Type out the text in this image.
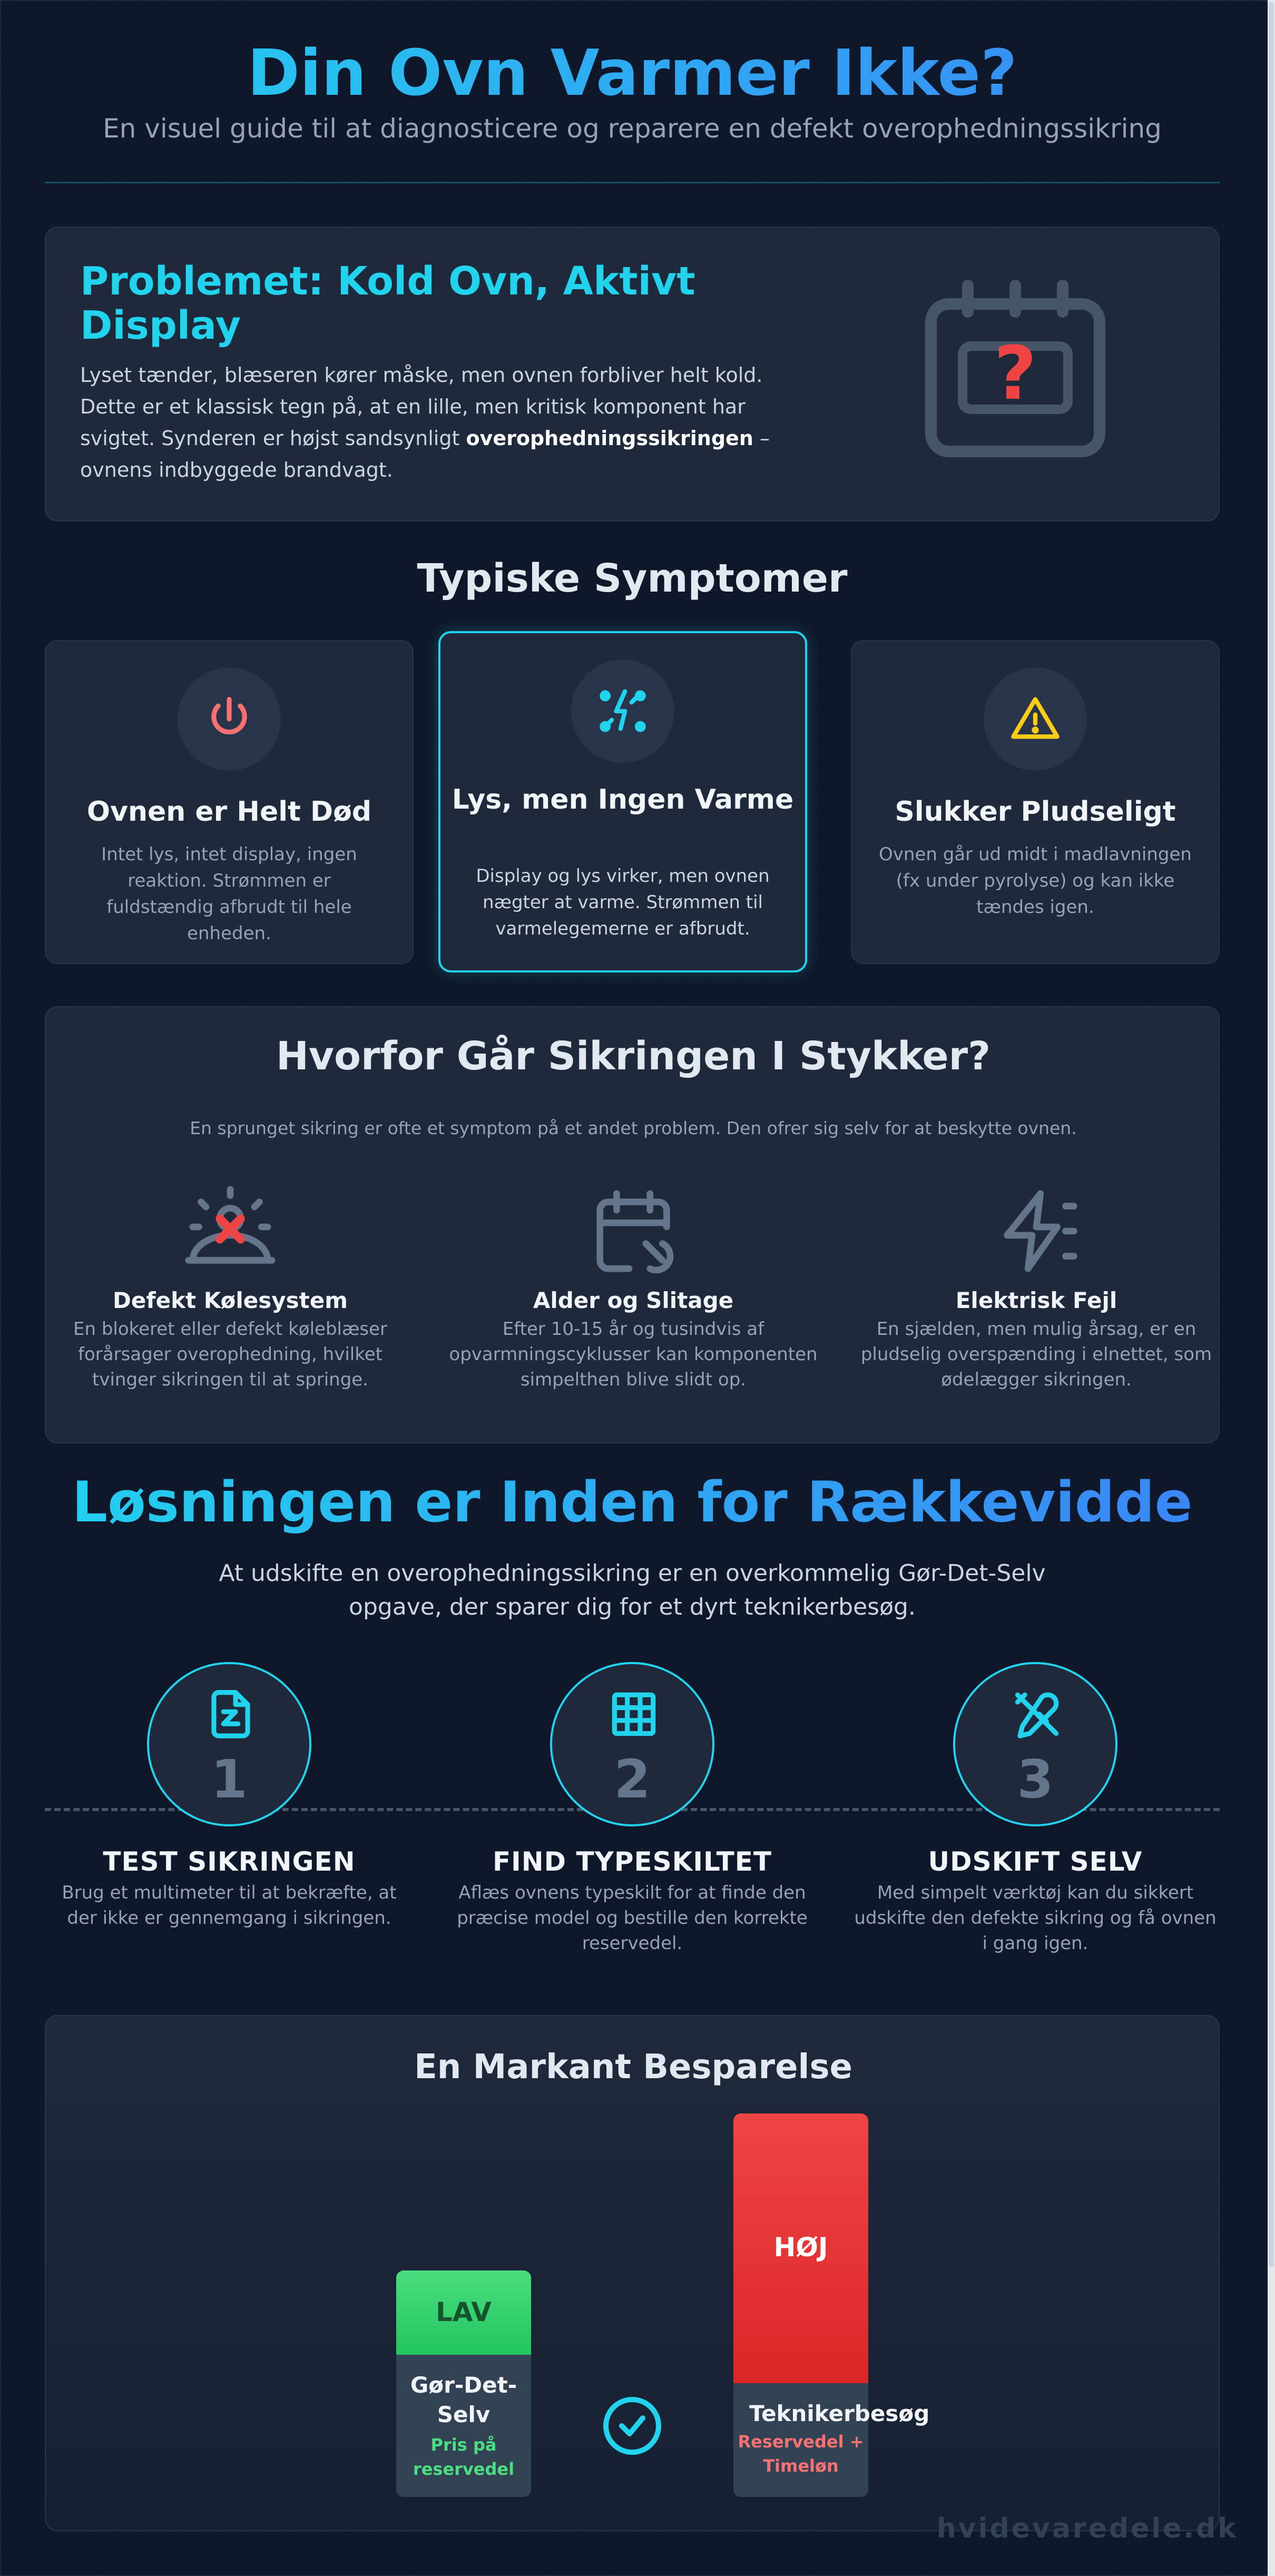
Din Ovn Varmer Ikke?
En visuel guide til at diagnosticere og reparere en defekt overophedningssikring
Problemet: Kold Ovn, Aktivt Display

Lyset tænder, blæseren kører måske, men ovnen forbliver helt kold. Dette er et klassisk tegn på, at en lille, men kritisk komponent har svigtet. Synderen er højst sandsynligt overophedningssikringen – ovnens indbyggede brandvagt.

?
Typiske Symptomer
Ovnen er Helt Død

Intet lys, intet display, ingen reaktion. Strømmen er fuldstændig afbrudt til hele enheden.

Lys, men Ingen Varme

Display og lys virker, men ovnen nægter at varme. Strømmen til varmelegemerne er afbrudt.

Slukker Pludseligt

Ovnen går ud midt i madlavningen (fx under pyrolyse) og kan ikke tændes igen.

Hvorfor Går Sikringen I Stykker?
En sprunget sikring er ofte et symptom på et andet problem. Den ofrer sig selv for at beskytte ovnen.
Defekt Kølesystem

En blokeret eller defekt køleblæser forårsager overophedning, hvilket tvinger sikringen til at springe.

Alder og Slitage

Efter 10-15 år og tusindvis af opvarmningscyklusser kan komponenten simpelthen blive slidt op.

Elektrisk Fejl

En sjælden, men mulig årsag, er en pludselig overspænding i elnettet, som ødelægger sikringen.

Løsningen er Inden for Rækkevidde
At udskifte en overophedningssikring er en overkommelig Gør-Det-Selv opgave, der sparer dig for et dyrt teknikerbesøg.
1
TEST SIKRINGEN

Brug et multimeter til at bekræfte, at der ikke er gennemgang i sikringen.

2
FIND TYPESKILTET

Aflæs ovnens typeskilt for at finde den præcise model og bestille den korrekte reservedel.

3
UDSKIFT SELV

Med simpelt værktøj kan du sikkert udskifte den defekte sikring og få ovnen i gang igen.

En Markant Besparelse
LAV
Gør-Det-Selv
Pris på reservedel
HØJ
Teknikerbesøg
Reservedel + Timeløn
hvidevaredele.dk
